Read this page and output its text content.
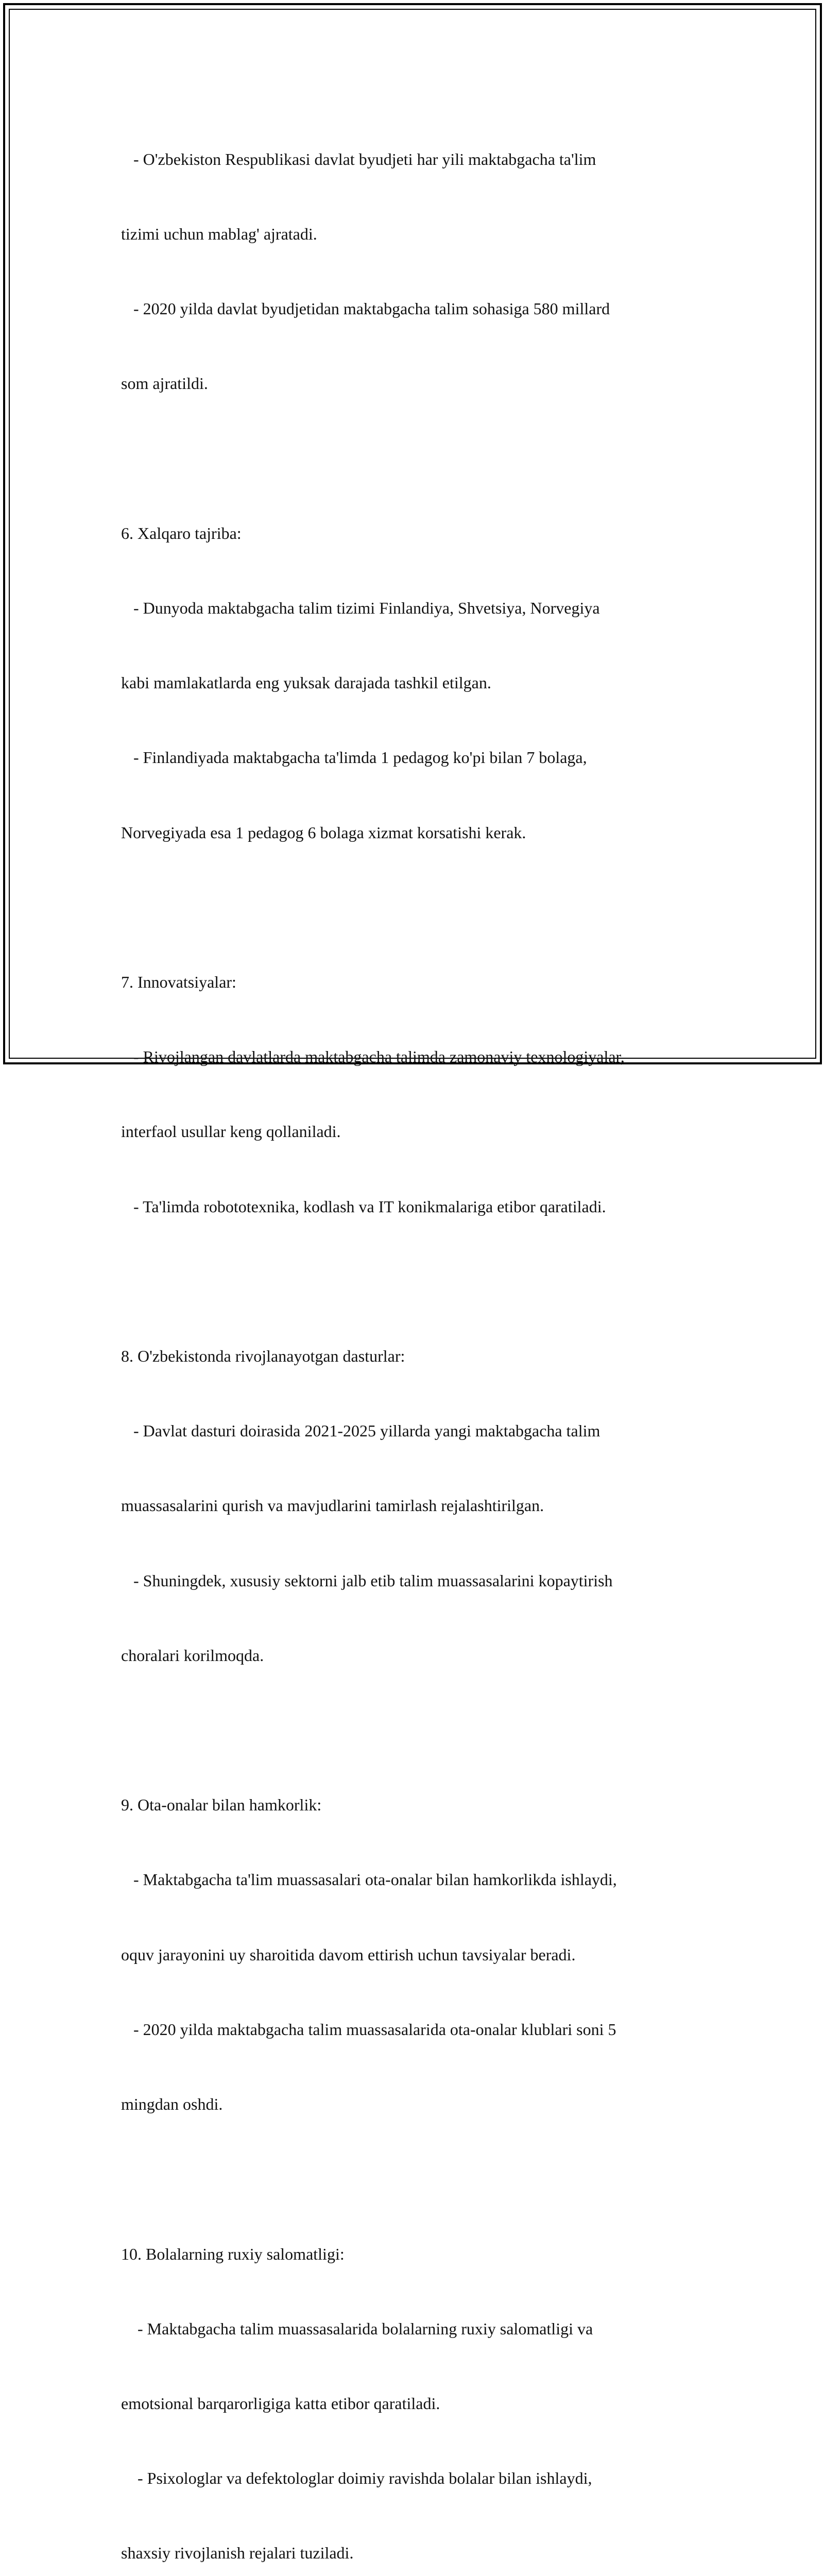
- O'zbekiston Respublikasi davlat byudjeti har yili maktabgacha ta'lim

tizimi uchun mablag' ajratadi.

- 2020 yilda davlat byudjetidan maktabgacha talim sohasiga 580 millard

som ajratildi.

6. Xalqaro tajriba:

- Dunyoda maktabgacha talim tizimi Finlandiya, Shvetsiya, Norvegiya

kabi mamlakatlarda eng yuksak darajada tashkil etilgan.

- Finlandiyada maktabgacha ta'limda 1 pedagog ko'pi bilan 7 bolaga,

Norvegiyada esa 1 pedagog 6 bolaga xizmat korsatishi kerak.

7. Innovatsiyalar:

- Rivojlangan davlatlarda maktabgacha talimda zamonaviy texnologiyalar,

interfaol usullar keng qollaniladi.

- Ta'limda robototexnika, kodlash va IT konikmalariga etibor qaratiladi.

8. O'zbekistonda rivojlanayotgan dasturlar:

- Davlat dasturi doirasida 2021-2025 yillarda yangi maktabgacha talim

muassasalarini qurish va mavjudlarini tamirlash rejalashtirilgan.

- Shuningdek, xususiy sektorni jalb etib talim muassasalarini kopaytirish

choralari korilmoqda.

9. Ota-onalar bilan hamkorlik:

- Maktabgacha ta'lim muassasalari ota-onalar bilan hamkorlikda ishlaydi,

oquv jarayonini uy sharoitida davom ettirish uchun tavsiyalar beradi.

- 2020 yilda maktabgacha talim muassasalarida ota-onalar klublari soni 5

mingdan oshdi.

10. Bolalarning ruxiy salomatligi:

- Maktabgacha talim muassasalarida bolalarning ruxiy salomatligi va

emotsional barqarorligiga katta etibor qaratiladi.

- Psixologlar va defektologlar doimiy ravishda bolalar bilan ishlaydi,

shaxsiy rivojlanish rejalari tuziladi.
